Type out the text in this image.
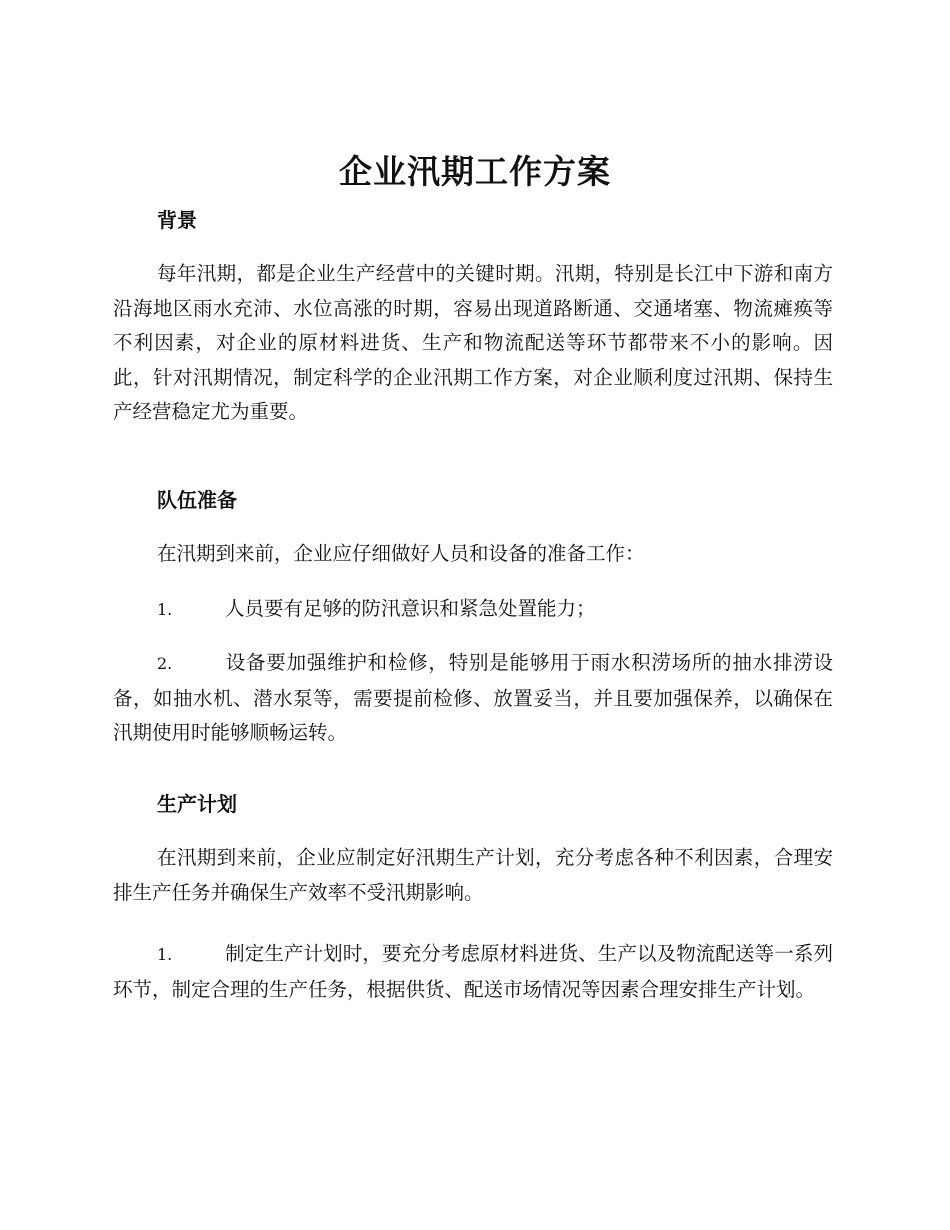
企业汛期工作方案
背景

每年汛期，都是企业生产经营中的关键时期。汛期，特别是长江中下游和南方沿海地区雨水充沛、水位高涨的时期，容易出现道路断通、交通堵塞、物流瘫痪等不利因素，对企业的原材料进货、生产和物流配送等环节都带来不小的影响。因此，针对汛期情况，制定科学的企业汛期工作方案，对企业顺利度过汛期、保持生产经营稳定尤为重要。

队伍准备

在汛期到来前，企业应仔细做好人员和设备的准备工作：

1.	人员要有足够的防汛意识和紧急处置能力；

2.	设备要加强维护和检修，特别是能够用于雨水积涝场所的抽水排涝设备，如抽水机、潜水泵等，需要提前检修、放置妥当，并且要加强保养，以确保在汛期使用时能够顺畅运转。

生产计划

在汛期到来前，企业应制定好汛期生产计划，充分考虑各种不利因素，合理安排生产任务并确保生产效率不受汛期影响。

1.	制定生产计划时，要充分考虑原材料进货、生产以及物流配送等一系列环节，制定合理的生产任务，根据供货、配送市场情况等因素合理安排生产计划。
